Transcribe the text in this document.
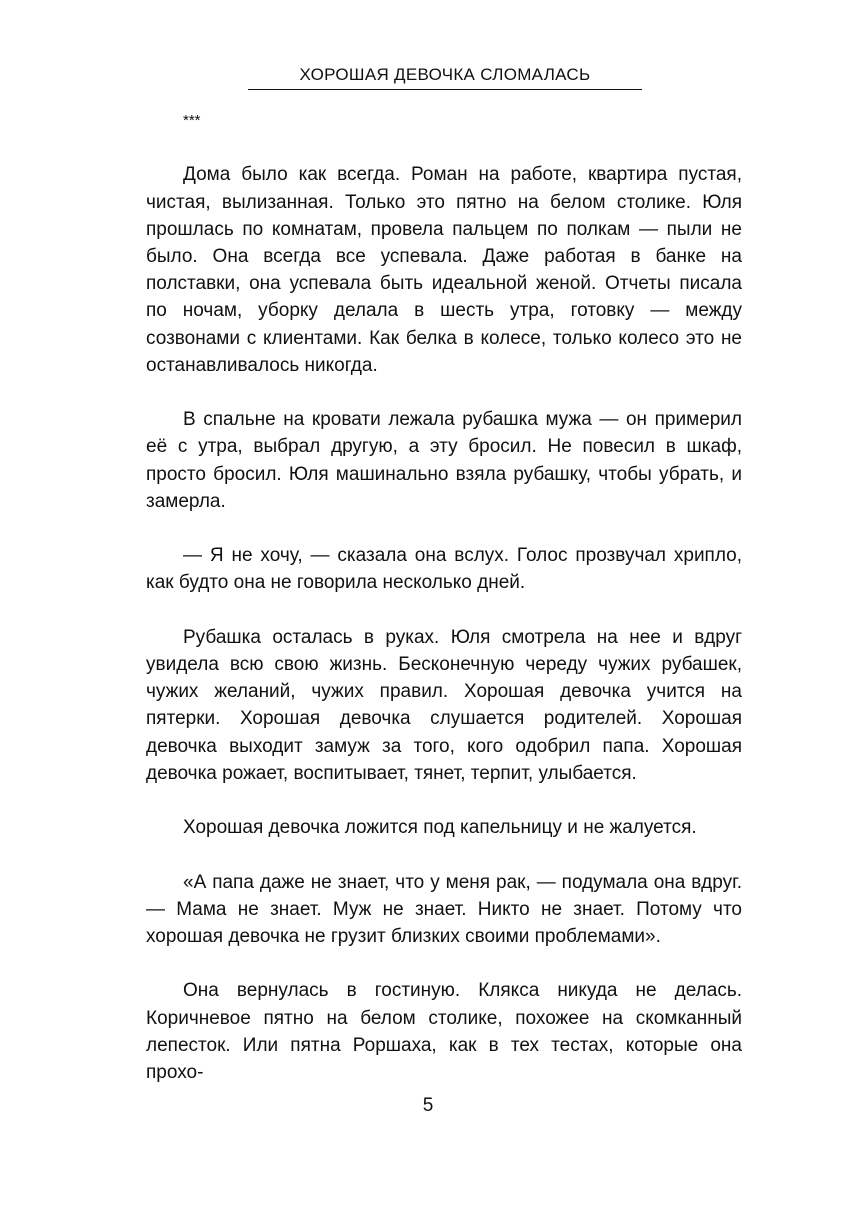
ХОРОШАЯ ДЕВОЧКА СЛОМАЛАСЬ
***

Дома было как всегда. Роман на работе, квартира пустая, чистая, вылизанная. Только это пятно на белом столике. Юля прошлась по комнатам, провела пальцем по полкам — пыли не было. Она всегда все успевала. Даже работая в банке на полставки, она успевала быть идеальной женой. Отчеты писала по ночам, уборку делала в шесть утра, готовку — между созвонами с клиентами. Как белка в колесе, только колесо это не останавливалось никогда.

В спальне на кровати лежала рубашка мужа — он примерил её с утра, выбрал другую, а эту бросил. Не повесил в шкаф, просто бросил. Юля машинально взяла рубашку, чтобы убрать, и замерла.

— Я не хочу, — сказала она вслух. Голос прозвучал хрипло, как будто она не говорила несколько дней.

Рубашка осталась в руках. Юля смотрела на нее и вдруг увидела всю свою жизнь. Бесконечную череду чужих рубашек, чужих желаний, чужих правил. Хорошая девочка учится на пятерки. Хорошая девочка слушается родителей. Хорошая девочка выходит замуж за того, кого одобрил папа. Хорошая девочка рожает, воспитывает, тянет, терпит, улыбается.

Хорошая девочка ложится под капельницу и не жалуется.

«А папа даже не знает, что у меня рак, — подумала она вдруг. — Мама не знает. Муж не знает. Никто не знает. Потому что хорошая девочка не грузит близких своими проблемами».

Она вернулась в гостиную. Клякса никуда не делась. Коричневое пятно на белом столике, похожее на скомканный лепесток. Или пятна Роршаха, как в тех тестах, которые она прохо-

5
